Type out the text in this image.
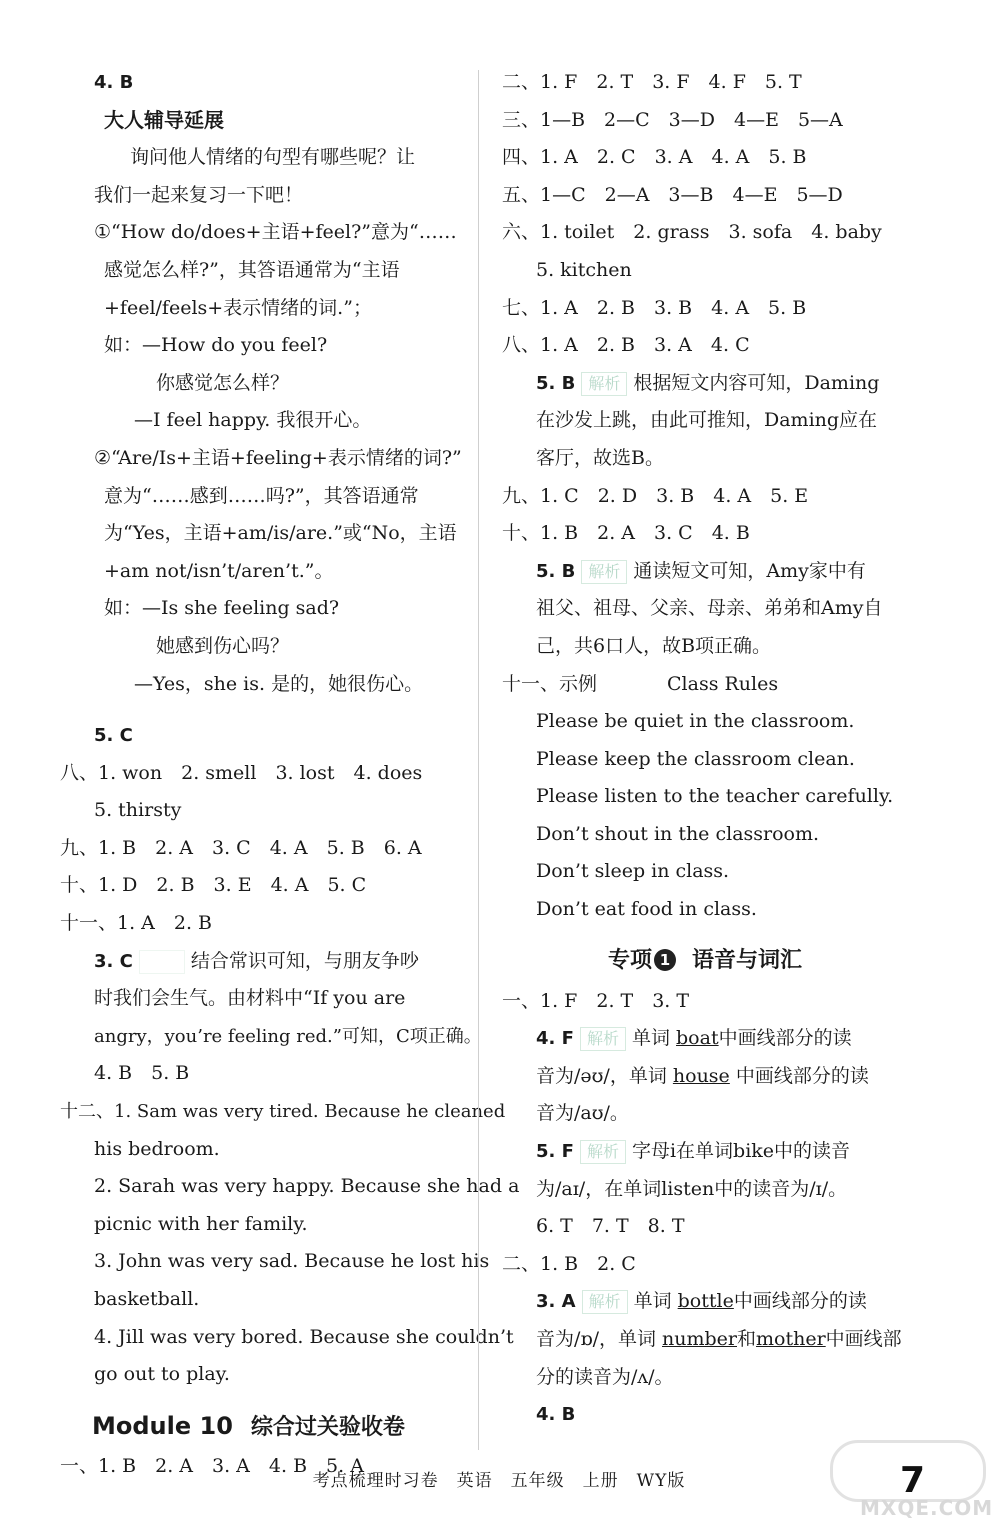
4. B
大人辅导延展
询问他人情绪的句型有哪些呢？让
我们一起来复习一下吧！
①“How do/does+主语+feel?”意为“……
感觉怎么样?”，其答语通常为“主语
+feel/feels+表示情绪的词.”；
如：—How do you feel?
你感觉怎么样？
—I feel happy. 我很开心。
②“Are/Is+主语+feeling+表示情绪的词?”
意为“……感到……吗?”，其答语通常
为“Yes，主语+am/is/are.”或“No，主语
+am not/isn’t/aren’t.”。
如：—Is she feeling sad?
她感到伤心吗？
—Yes，she is. 是的，她很伤心。
5. C
八、1. won　2. smell　3. lost　4. does
5. thirsty
九、1. B　2. A　3. C　4. A　5. B　6. A
十、1. D　2. B　3. E　4. A　5. C
十一、1. A　2. B
3. C　　	结合常识可知，与朋友争吵
时我们会生气。由材料中“If you are
angry，you’re feeling red.”可知，C项正确。
4. B　5. B
十二、1. Sam was very tired. Because he cleaned
his bedroom.
2. Sarah was very happy. Because she had a
picnic with her family.
3. John was very sad. Because he lost his
basketball.
4. Jill was very bored. Because she couldn’t
go out to play.
Module 10 综合过关验收卷
一、1. B　2. A　3. A　4. B　5. A
二、1. F　2. T　3. F　4. F　5. T
三、1—B　2—C　3—D　4—E　5—A
四、1. A　2. C　3. A　4. A　5. B
五、1—C　2—A　3—B　4—E　5—D
六、1. toilet　2. grass　3. sofa　4. baby
5. kitchen
七、1. A　2. B　3. B　4. A　5. B
八、1. A　2. B　3. A　4. C
5. B 解析 根据短文内容可知，Daming
在沙发上跳，由此可推知，Daming应在
客厅，故选B。
九、1. C　2. D　3. B　4. A　5. E
十、1. B　2. A　3. C　4. B
5. B 解析 通读短文可知，Amy家中有
祖父、祖母、父亲、母亲、弟弟和Amy自
己，共6口人，故B项正确。
十一、示例	Class Rules
Please be quiet in the classroom.
Please keep the classroom clean.
Please listen to the teacher carefully.
Don’t shout in the classroom.
Don’t sleep in class.
Don’t eat food in class.
专项 1 语音与词汇
一、1. F　2. T　3. T
4. F 解析 单词 boat中画线部分的读
音为/əʊ/，单词 house 中画线部分的读
音为/aʊ/。
5. F 解析 字母i在单词bike中的读音
为/aɪ/，在单词listen中的读音为/ɪ/。
6. T　7. T　8. T
二、1. B　2. C
3. A 解析 单词 bottle中画线部分的读
音为/ɒ/，单词 number和mother中画线部
分的读音为/ʌ/。
4. B
考点梳理时习卷　英语　五年级　上册　WY版
MXQE.COM
7
